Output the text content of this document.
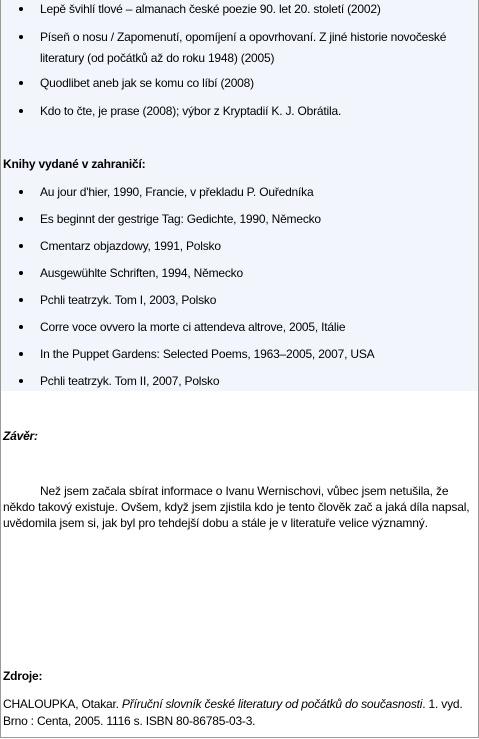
Lepě švihlí tlové – almanach české poezie 90. let 20. století (2002)
Píseň o nosu / Zapomenutí, opomíjení a opovrhovaní. Z jiné historie novočeské literatury (od počátků až do roku 1948) (2005)
Quodlibet aneb jak se komu co líbí (2008)
Kdo to čte, je prase (2008); výbor z Kryptadií K. J. Obrátila.
Knihy vydané v zahraničí:
Au jour d'hier, 1990, Francie, v překladu P. Ouředníka
Es beginnt der gestrige Tag: Gedichte, 1990, Německo
Cmentarz objazdowy, 1991, Polsko
Ausgewühlte Schriften, 1994, Německo
Pchli teatrzyk. Tom I, 2003, Polsko
Corre voce ovvero la morte ci attendeva altrove, 2005, Itálie
In the Puppet Gardens: Selected Poems, 1963–2005, 2007, USA
Pchli teatrzyk. Tom II, 2007, Polsko
Závěr:
Než jsem začala sbírat informace o Ivanu Wernischovi, vůbec jsem netušila, že někdo takový existuje. Ovšem, když jsem zjistila kdo je tento člověk zač a jaká díla napsal, uvědomila jsem si, jak byl pro tehdejší dobu a stále je v literatuře velice významný.
Zdroje:
CHALOUPKA, Otakar. Příruční slovník české literatury od počátků do současnosti. 1. vyd. Brno : Centa, 2005. 1116 s. ISBN 80-86785-03-3.
